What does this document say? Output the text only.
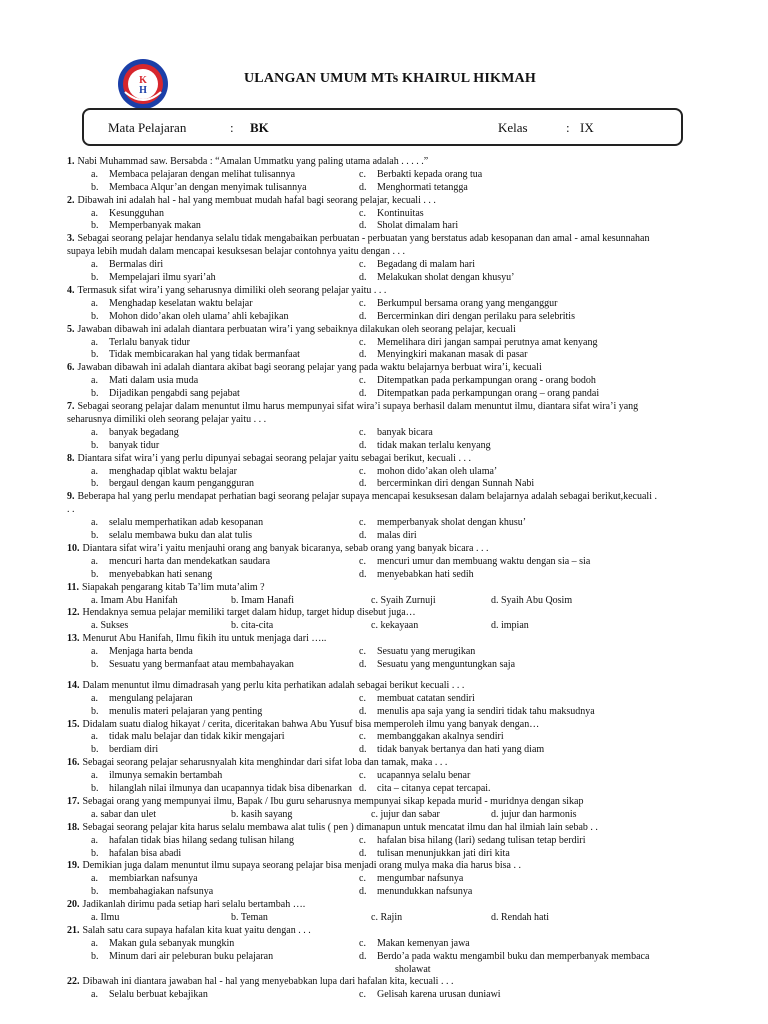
K
H
ULANGAN UMUM MTs KHAIRUL HIKMAH
Mata Pelajaran	: BK	Kelas	: IX
1. Nabi Muhammad saw. Bersabda : “Amalan Ummatku yang paling utama adalah . . . . .”
a. Membaca pelajaran dengan melihat tulisannya	c. Berbakti kepada orang tua
b. Membaca Alqur’an dengan menyimak tulisannya	d. Menghormati tetangga
2. Dibawah ini adalah hal - hal yang membuat mudah hafal bagi seorang pelajar, kecuali . . .
a. Kesungguhan	c. Kontinuitas
b. Memperbanyak makan	d. Sholat dimalam hari
3. Sebagai seorang pelajar hendanya selalu tidak mengabaikan perbuatan - perbuatan yang berstatus adab kesopanan dan amal - amal kesunnahan supaya lebih mudah dalam mencapai kesuksesan belajar contohnya yaitu dengan . . .
a. Bermalas diri	c. Begadang di malam hari
b. Mempelajari ilmu syari’ah	d. Melakukan sholat dengan khusyu’
4. Termasuk sifat wira’i yang seharusnya dimiliki oleh seorang pelajar yaitu . . .
a. Menghadap keselatan waktu belajar	c. Berkumpul bersama orang yang menganggur
b. Mohon dido’akan oleh ulama’ ahli kebajikan	d. Bercerminkan diri dengan perilaku para selebritis
5. Jawaban dibawah ini adalah diantara perbuatan wira’i yang sebaiknya dilakukan oleh seorang pelajar, kecuali
a. Terlalu banyak tidur	c. Memelihara diri jangan sampai perutnya amat kenyang
b. Tidak membicarakan hal yang tidak bermanfaat	d. Menyingkiri makanan masak di pasar
6. Jawaban dibawah ini adalah diantara akibat bagi seorang pelajar yang pada waktu belajarnya berbuat wira’i, kecuali
a. Mati dalam usia muda	c. Ditempatkan pada perkampungan orang - orang bodoh
b. Dijadikan pengabdi sang pejabat	d. Ditempatkan pada perkampungan orang – orang pandai
7. Sebagai seorang pelajar dalam menuntut ilmu harus mempunyai sifat wira’i supaya berhasil dalam menuntut ilmu, diantara sifat wira’i yang seharusnya dimiliki oleh seorang pelajar yaitu . . .
a. banyak begadang	c. banyak bicara
b. banyak tidur	d. tidak makan terlalu kenyang
8. Diantara sifat wira’i yang perlu dipunyai sebagai seorang pelajar yaitu sebagai berikut, kecuali . . .
a. menghadap qiblat waktu belajar	c. mohon dido’akan oleh ulama’
b. bergaul dengan kaum pengangguran	d. bercerminkan diri dengan Sunnah Nabi
9. Beberapa hal yang perlu mendapat perhatian bagi seorang pelajar supaya mencapai kesuksesan dalam belajarnya adalah sebagai berikut,kecuali . . .
a. selalu memperhatikan adab kesopanan	c. memperbanyak sholat dengan khusu’
b. selalu membawa buku dan alat tulis	d. malas diri
10. Diantara sifat wira’i yaitu menjauhi orang ang banyak bicaranya, sebab orang yang banyak bicara . . .
a. mencuri harta dan mendekatkan saudara	c. mencuri umur dan membuang waktu dengan sia – sia
b. menyebabkan hati senang	d. menyebabkan hati sedih
11. Siapakah pengarang kitab Ta’lim muta’alim ?
a. Imam Abu Hanifah	b. Imam Hanafi	c. Syaih Zurnuji	d. Syaih Abu Qosim
12. Hendaknya semua pelajar memiliki target dalam hidup, target hidup disebut juga…
a. Sukses	b. cita-cita	c. kekayaan	d. impian
13. Menurut Abu Hanifah, Ilmu fikih itu untuk menjaga dari …..
a. Menjaga harta benda	c. Sesuatu yang merugikan
b. Sesuatu yang bermanfaat atau membahayakan	d. Sesuatu yang menguntungkan saja
14. Dalam menuntut ilmu dimadrasah yang perlu kita perhatikan adalah sebagai berikut kecuali . . .
a. mengulang pelajaran	c. membuat catatan sendiri
b. menulis materi pelajaran yang penting	d. menulis apa saja yang ia sendiri tidak tahu maksudnya
15. Didalam suatu dialog hikayat / cerita, diceritakan bahwa Abu Yusuf bisa memperoleh ilmu yang banyak dengan…
a. tidak malu belajar dan tidak kikir mengajari	c. membanggakan akalnya sendiri
b. berdiam diri	d. tidak banyak bertanya dan hati yang diam
16. Sebagai seorang pelajar seharusnyalah kita menghindar dari sifat loba dan tamak, maka . . .
a. ilmunya semakin bertambah	c. ucapannya selalu benar
b. hilanglah nilai ilmunya dan ucapannya tidak bisa dibenarkan d. cita – citanya cepat tercapai.
17. Sebagai orang yang mempunyai ilmu, Bapak / Ibu guru seharusnya mempunyai sikap kepada murid - muridnya dengan sikap
a. sabar dan ulet	b. kasih sayang	c. jujur dan sabar	d. jujur dan harmonis
18. Sebagai seorang pelajar kita harus selalu membawa alat tulis ( pen ) dimanapun untuk mencatat ilmu dan hal ilmiah lain sebab . .
a. hafalan tidak bias hilang sedang tulisan hilang	c. hafalan bisa hilang (lari) sedang tulisan tetap berdiri
b. hafalan bisa abadi	d. tulisan menunjukkan jati diri kita
19. Demikian juga dalam menuntut ilmu supaya seorang pelajar bisa menjadi orang mulya maka dia harus bisa . .
a. membiarkan nafsunya	c. mengumbar nafsunya
b. membahagiakan nafsunya	d. menundukkan nafsunya
20. Jadikanlah dirimu pada setiap hari selalu bertambah ….
a. Ilmu	b. Teman	c. Rajin	d. Rendah hati
21. Salah satu cara supaya hafalan kita kuat yaitu dengan . . .
a. Makan gula sebanyak mungkin	c. Makan kemenyan jawa
b. Minum dari air peleburan buku pelajaran	d. Berdo’a pada waktu mengambil buku dan memperbanyak membaca
sholawat
22. Dibawah ini diantara jawaban hal - hal yang menyebabkan lupa dari hafalan kita, kecuali . . .
a. Selalu berbuat kebajikan	c. Gelisah karena urusan duniawi
